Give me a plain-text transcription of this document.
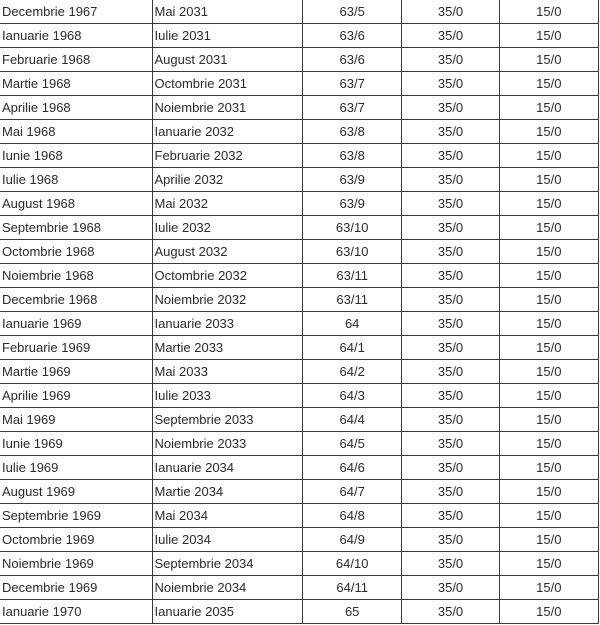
Decembrie 1967	Mai 2031	63/5	35/0	15/0
Ianuarie 1968	Iulie 2031	63/6	35/0	15/0
Februarie 1968	August 2031	63/6	35/0	15/0
Martie 1968	Octombrie 2031	63/7	35/0	15/0
Aprilie 1968	Noiembrie 2031	63/7	35/0	15/0
Mai 1968	Ianuarie 2032	63/8	35/0	15/0
Iunie 1968	Februarie 2032	63/8	35/0	15/0
Iulie 1968	Aprilie 2032	63/9	35/0	15/0
August 1968	Mai 2032	63/9	35/0	15/0
Septembrie 1968	Iulie 2032	63/10	35/0	15/0
Octombrie 1968	August 2032	63/10	35/0	15/0
Noiembrie 1968	Octombrie 2032	63/11	35/0	15/0
Decembrie 1968	Noiembrie 2032	63/11	35/0	15/0
Ianuarie 1969	Ianuarie 2033	64	35/0	15/0
Februarie 1969	Martie 2033	64/1	35/0	15/0
Martie 1969	Mai 2033	64/2	35/0	15/0
Aprilie 1969	Iulie 2033	64/3	35/0	15/0
Mai 1969	Septembrie 2033	64/4	35/0	15/0
Iunie 1969	Noiembrie 2033	64/5	35/0	15/0
Iulie 1969	Ianuarie 2034	64/6	35/0	15/0
August 1969	Martie 2034	64/7	35/0	15/0
Septembrie 1969	Mai 2034	64/8	35/0	15/0
Octombrie 1969	Iulie 2034	64/9	35/0	15/0
Noiembrie 1969	Septembrie 2034	64/10	35/0	15/0
Decembrie 1969	Noiembrie 2034	64/11	35/0	15/0
Ianuarie 1970	Ianuarie 2035	65	35/0	15/0
